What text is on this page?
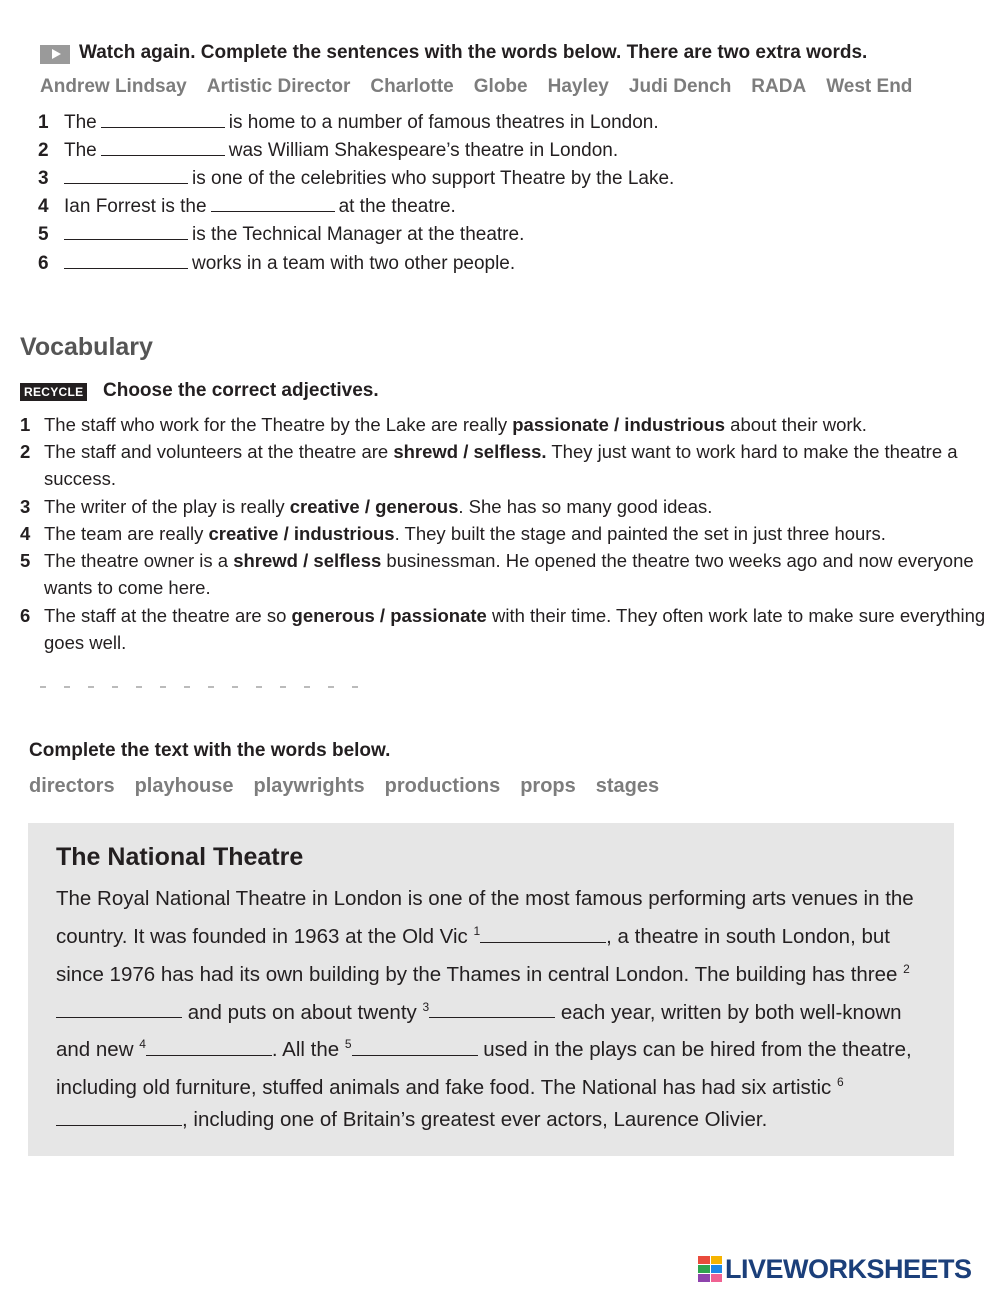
Watch again. Complete the sentences with the words below. There are two extra words.
Andrew Lindsay Artistic Director Charlotte Globe Hayley Judi Dench RADA West End
1 The	is home to a number of famous theatres in London.
2 The	was William Shakespeare’s theatre in London.
3	is one of the celebrities who support Theatre by the Lake.
4 Ian Forrest is the	at the theatre.
5	is the Technical Manager at the theatre.
6	works in a team with two other people.
Vocabulary
RECYCLE Choose the correct adjectives.
1 The staff who work for the Theatre by the Lake are really passionate / industrious about their work.
2 The staff and volunteers at the theatre are shrewd / selfless. They just want to work hard to make the theatre a success.
3 The writer of the play is really creative / generous. She has so many good ideas.
4 The team are really creative / industrious. They built the stage and painted the set in just three hours.
5 The theatre owner is a shrewd / selfless businessman. He opened the theatre two weeks ago and now everyone wants to come here.
6 The staff at the theatre are so generous / passionate with their time. They often work late to make sure everything goes well.
Complete the text with the words below.
directors playhouse playwrights productions props stages
The National Theatre
The Royal National Theatre in London is one of the most famous performing arts venues in the country. It was founded in 1963 at the Old Vic $^1$	, a theatre in south London, but since 1976 has had its own building by the Thames in central London. The building has three $^2$ and puts on about twenty $^3$	each year, written by both well-known and new $^4$	. All the $^5$	used in the plays can be hired from the theatre, including old furniture, stuffed animals and fake food. The National has had six artistic $^6$, including one of Britain’s greatest ever actors, Laurence Olivier.
LIVEWORKSHEETS
